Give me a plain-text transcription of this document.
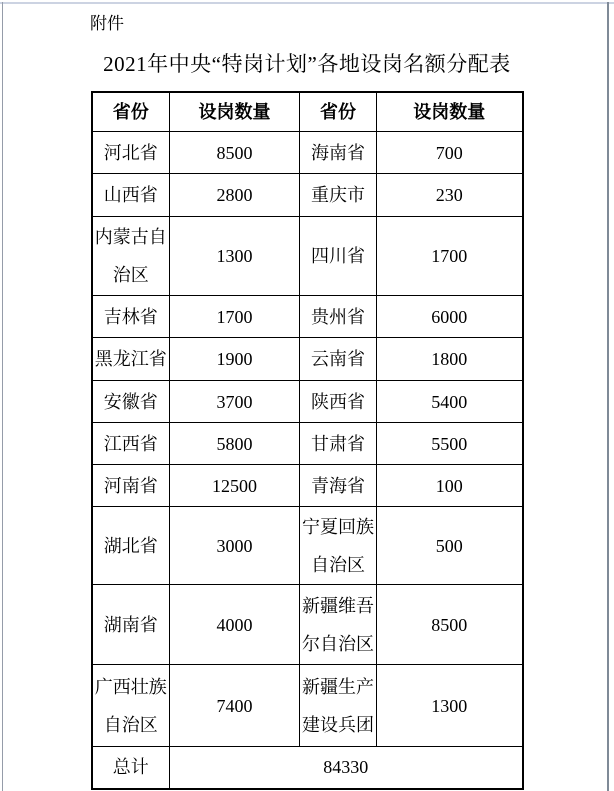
附件
2021年中央“特岗计划”各地设岗名额分配表
省份	设岗数量	省份	设岗数量
河北省	8500	海南省	700
山西省	2800	重庆市	230
内蒙古自治区	1300	四川省	1700
吉林省	1700	贵州省	6000
黑龙江省	1900	云南省	1800
安徽省	3700	陕西省	5400
江西省	5800	甘肃省	5500
河南省	12500	青海省	100
湖北省	3000	宁夏回族自治区	500
湖南省	4000	新疆维吾尔自治区	8500
广西壮族自治区	7400	新疆生产建设兵团	1300
总计	84330		
